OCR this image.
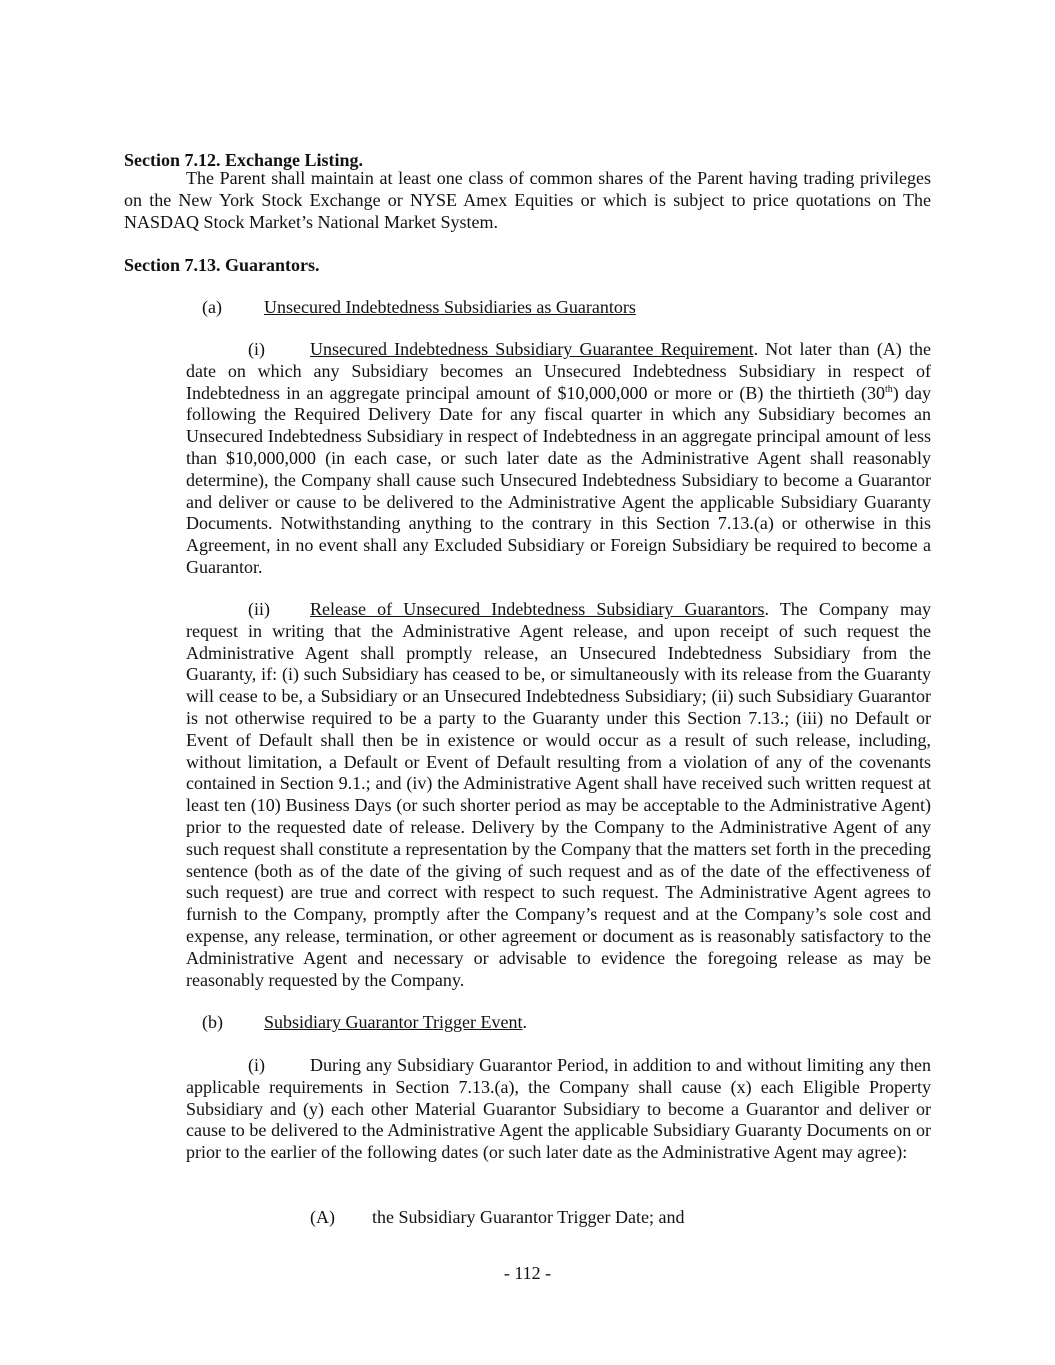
Section 7.12. Exchange Listing.

The Parent shall maintain at least one class of common shares of the Parent having trading privileges on the New York Stock Exchange or NYSE Amex Equities or which is subject to price quotations on The NASDAQ Stock Market’s National Market System.

Section 7.13. Guarantors.

(a) Unsecured Indebtedness Subsidiaries as Guarantors

(i)	Unsecured Indebtedness Subsidiary Guarantee Requirement. Not later than (A) the date on which any Subsidiary becomes an Unsecured Indebtedness Subsidiary in respect of Indebtedness in an aggregate principal amount of $10,000,000 or more or (B) the thirtieth (30th) day following the Required Delivery Date for any fiscal quarter in which any Subsidiary becomes an Unsecured Indebtedness Subsidiary in respect of Indebtedness in an aggregate principal amount of less than $10,000,000 (in each case, or such later date as the Administrative Agent shall reasonably determine), the Company shall cause such Unsecured Indebtedness Subsidiary to become a Guarantor and deliver or cause to be delivered to the Administrative Agent the applicable Subsidiary Guaranty Documents. Notwithstanding anything to the contrary in this Section 7.13.(a) or otherwise in this Agreement, in no event shall any Excluded Subsidiary or Foreign Subsidiary be required to become a Guarantor.

(ii) Release of Unsecured Indebtedness Subsidiary Guarantors. The Company may request in writing that the Administrative Agent release, and upon receipt of such request the Administrative Agent shall promptly release, an Unsecured Indebtedness Subsidiary from the Guaranty, if: (i) such Subsidiary has ceased to be, or simultaneously with its release from the Guaranty will cease to be, a Subsidiary or an Unsecured Indebtedness Subsidiary; (ii) such Subsidiary Guarantor is not otherwise required to be a party to the Guaranty under this Section 7.13.; (iii) no Default or Event of Default shall then be in existence or would occur as a result of such release, including, without limitation, a Default or Event of Default resulting from a violation of any of the covenants contained in Section 9.1.; and (iv) the Administrative Agent shall have received such written request at least ten (10) Business Days (or such shorter period as may be acceptable to the Administrative Agent) prior to the requested date of release. Delivery by the Company to the Administrative Agent of any such request shall constitute a representation by the Company that the matters set forth in the preceding sentence (both as of the date of the giving of such request and as of the date of the effectiveness of such request) are true and correct with respect to such request. The Administrative Agent agrees to furnish to the Company, promptly after the Company’s request and at the Company’s sole cost and expense, any release, termination, or other agreement or document as is reasonably satisfactory to the Administrative Agent and necessary or advisable to evidence the foregoing release as may be reasonably requested by the Company.

(b) Subsidiary Guarantor Trigger Event.

(i)	During any Subsidiary Guarantor Period, in addition to and without limiting any then applicable requirements in Section 7.13.(a), the Company shall cause (x) each Eligible Property Subsidiary and (y) each other Material Guarantor Subsidiary to become a Guarantor and deliver or cause to be delivered to the Administrative Agent the applicable Subsidiary Guaranty Documents on or prior to the earlier of the following dates (or such later date as the Administrative Agent may agree):

(A) the Subsidiary Guarantor Trigger Date; and

- 112 -
